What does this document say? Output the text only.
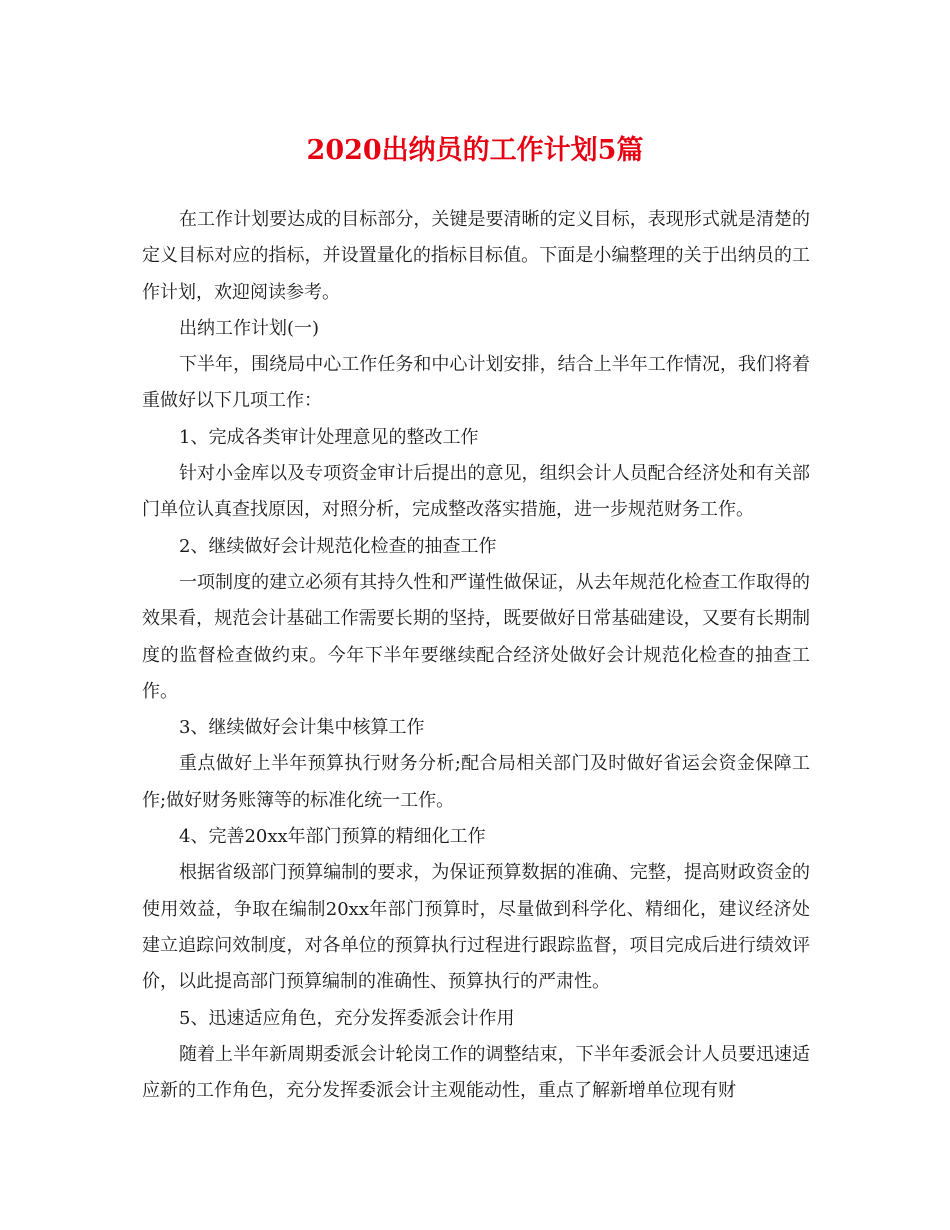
2020出纳员的工作计划5篇

在工作计划要达成的目标部分，关键是要清晰的定义目标，表现形式就是清楚的定义目标对应的指标，并设置量化的指标目标值。下面是小编整理的关于出纳员的工作计划，欢迎阅读参考。

出纳工作计划(一)

下半年，围绕局中心工作任务和中心计划安排，结合上半年工作情况，我们将着重做好以下几项工作：

1、完成各类审计处理意见的整改工作

针对小金库以及专项资金审计后提出的意见，组织会计人员配合经济处和有关部门单位认真查找原因，对照分析，完成整改落实措施，进一步规范财务工作。

2、继续做好会计规范化检查的抽查工作

一项制度的建立必须有其持久性和严谨性做保证，从去年规范化检查工作取得的效果看，规范会计基础工作需要长期的坚持，既要做好日常基础建设，又要有长期制度的监督检查做约束。今年下半年要继续配合经济处做好会计规范化检查的抽查工作。

3、继续做好会计集中核算工作

重点做好上半年预算执行财务分析;配合局相关部门及时做好省运会资金保障工作;做好财务账簿等的标准化统一工作。

4、完善20xx年部门预算的精细化工作

根据省级部门预算编制的要求，为保证预算数据的准确、完整，提高财政资金的使用效益，争取在编制20xx年部门预算时，尽量做到科学化、精细化，建议经济处建立追踪问效制度，对各单位的预算执行过程进行跟踪监督，项目完成后进行绩效评价，以此提高部门预算编制的准确性、预算执行的严肃性。

5、迅速适应角色，充分发挥委派会计作用

随着上半年新周期委派会计轮岗工作的调整结束，下半年委派会计人员要迅速适应新的工作角色，充分发挥委派会计主观能动性，重点了解新增单位现有财
